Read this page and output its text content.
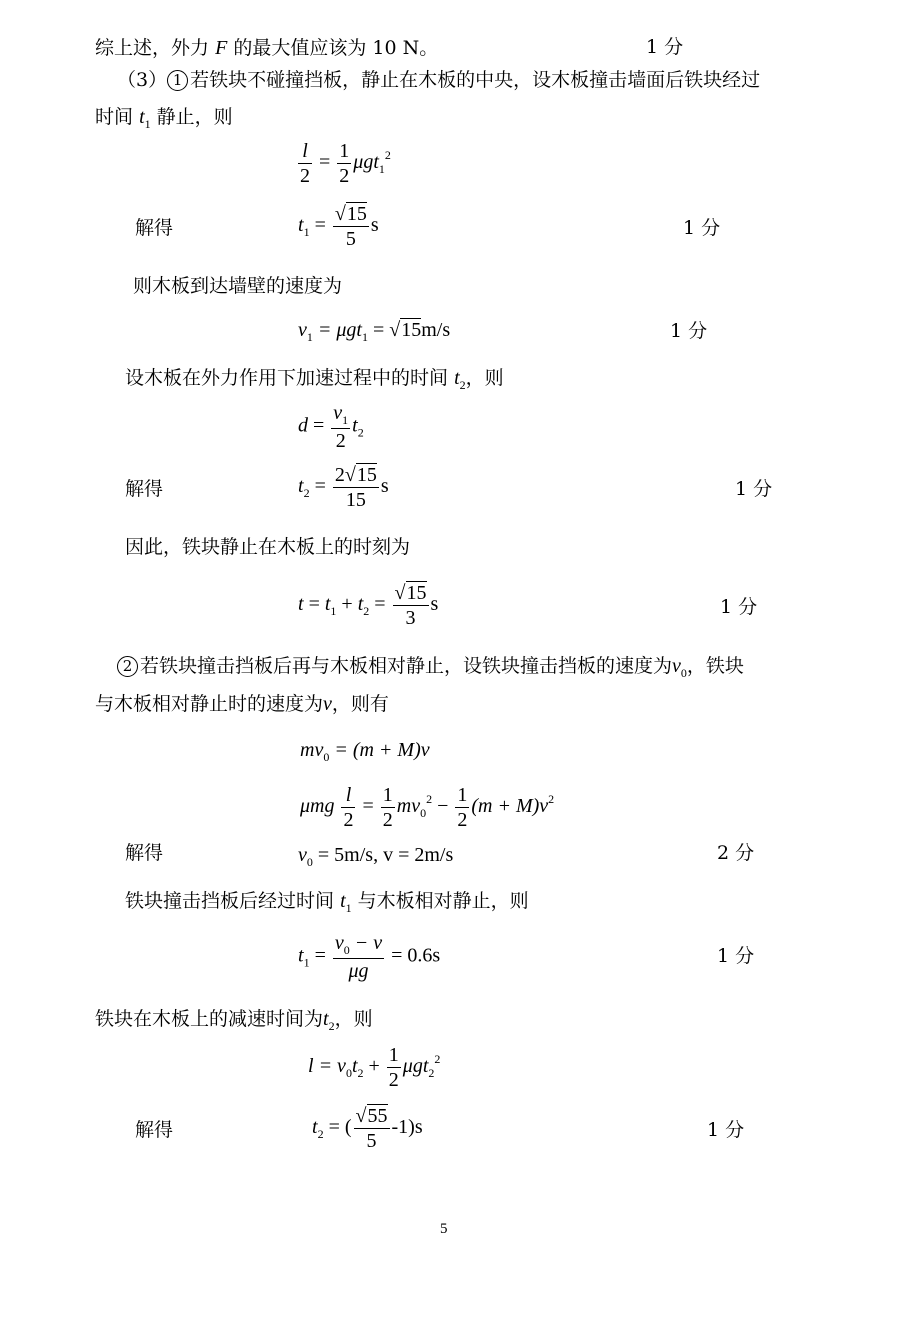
综上述，外力 F 的最大值应该为 10 N。	1 分
（3） 1 若铁块不碰撞挡板，静止在木板的中央，设木板撞击墙面后铁块经过
时间 $t_1$ 静止，则
$\frac{l}{2} = \frac{1}{2} \mu gt_1^2$
解得	$t_1 = \frac{√15}{5}$ s	1 分
则木板到达墙壁的速度为
$v_1 = \mu gt_1 = √15m/s$	1 分
设木板在外力作用下加速过程中的时间 $t_2$，则
$d = \frac{v_1}{2} t_2$
解得	$t_2 = \frac{2√15}{15}$ s	1 分
因此，铁块静止在木板上的时刻为
$t = t_1 + t_2 = \frac{√15}{3}$ s	1 分
2 若铁块撞击挡板后再与木板相对静止，设铁块撞击挡板的速度为$v_0$，铁块
与木板相对静止时的速度为v，则有
$mv_0 = (m + M)v$
μmg $\frac{l}{2} = \frac{1}{2} mv_0^2 - \frac{1}{2} (m + M)v^2$
解得	$v_0 = 5m/s$, v = 2m/s	2 分
铁块撞击挡板后经过时间 $t_1$ 与木板相对静止，则
$t_1 = \frac{v_0 - v}{\mu g} = 0.6s$	1 分
铁块在木板上的减速时间为$t_2$，则
$l = v_0t_2 + \frac{1}{2} \mu gt_2^2$
解得	$t_2$ = ( $\frac{√55}{5} -1)s$	1 分
5
